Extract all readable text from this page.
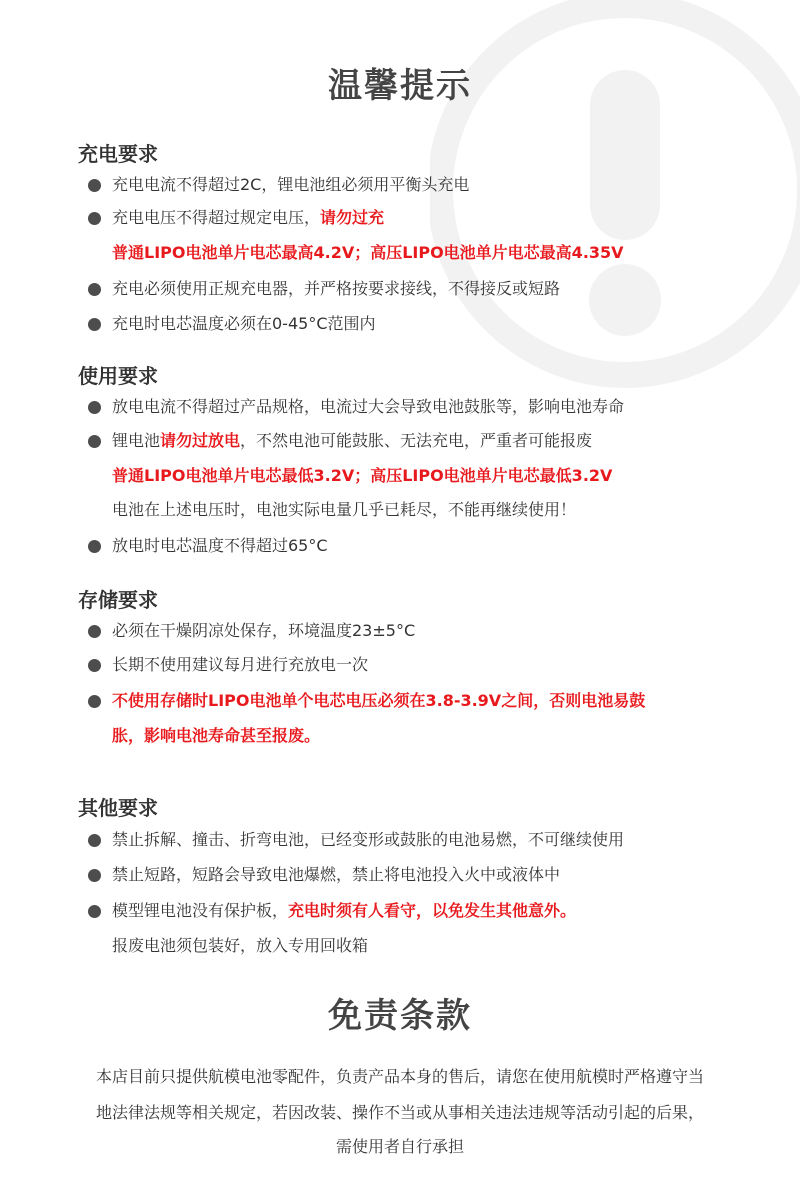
温馨提示
充电要求
充电电流不得超过2C，锂电池组必须用平衡头充电
充电电压不得超过规定电压，请勿过充
普通LIPO电池单片电芯最高4.2V；高压LIPO电池单片电芯最高4.35V
充电必须使用正规充电器，并严格按要求接线，不得接反或短路
充电时电芯温度必须在0-45°C范围内
使用要求
放电电流不得超过产品规格，电流过大会导致电池鼓胀等，影响电池寿命
锂电池请勿过放电，不然电池可能鼓胀、无法充电，严重者可能报废
普通LIPO电池单片电芯最低3.2V；高压LIPO电池单片电芯最低3.2V
电池在上述电压时，电池实际电量几乎已耗尽，不能再继续使用！
放电时电芯温度不得超过65°C
存储要求
必须在干燥阴凉处保存，环境温度23±5°C
长期不使用建议每月进行充放电一次
不使用存储时LIPO电池单个电芯电压必须在3.8-3.9V之间，否则电池易鼓
胀，影响电池寿命甚至报废。
其他要求
禁止拆解、撞击、折弯电池，已经变形或鼓胀的电池易燃，不可继续使用
禁止短路，短路会导致电池爆燃，禁止将电池投入火中或液体中
模型锂电池没有保护板，充电时须有人看守，以免发生其他意外。
报废电池须包装好，放入专用回收箱
免责条款
本店目前只提供航模电池零配件，负责产品本身的售后，请您在使用航模时严格遵守当
地法律法规等相关规定，若因改装、操作不当或从事相关违法违规等活动引起的后果，
需使用者自行承担
